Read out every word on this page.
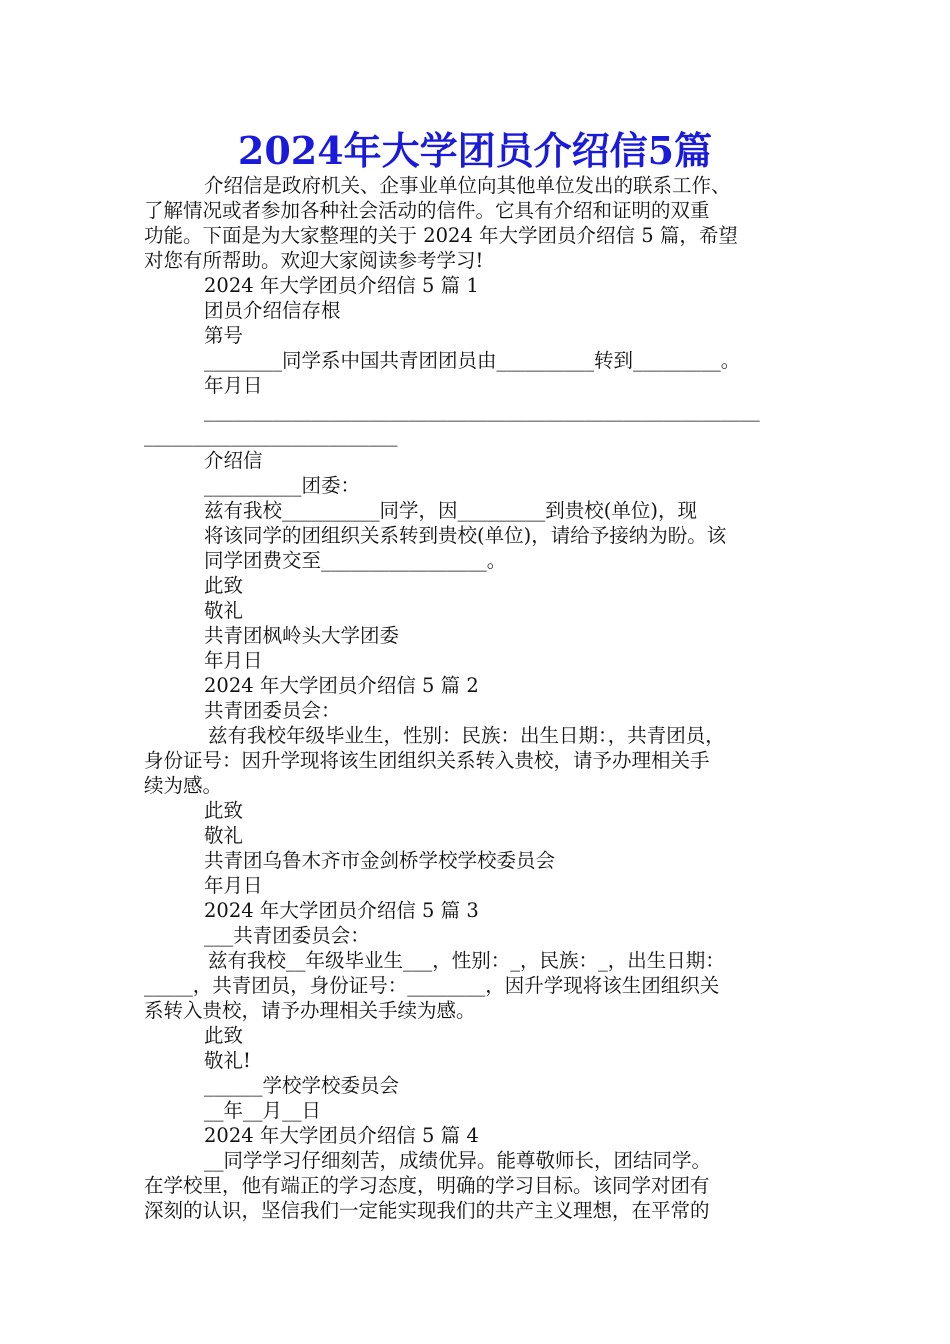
2024年大学团员介绍信5篇
介绍信是政府机关、企事业单位向其他单位发出的联系工作、
了解情况或者参加各种社会活动的信件。它具有介绍和证明的双重
功能。下面是为大家整理的关于 2024 年大学团员介绍信 5 篇，希望
对您有所帮助。欢迎大家阅读参考学习!
2024 年大学团员介绍信 5 篇 1
团员介绍信存根
第号
________同学系中国共青团团员由__________转到_________。
年月日
_________________________________________________________
__________________________
介绍信
__________团委：
兹有我校__________同学，因_________到贵校(单位)，现
将该同学的团组织关系转到贵校(单位)，请给予接纳为盼。该
同学团费交至_________________。
此致
敬礼
共青团枫岭头大学团委
年月日
2024 年大学团员介绍信 5 篇 2
共青团委员会：
兹有我校年级毕业生，性别：民族：出生日期：，共青团员，
身份证号：因升学现将该生团组织关系转入贵校，请予办理相关手
续为感。
此致
敬礼
共青团乌鲁木齐市金剑桥学校学校委员会
年月日
2024 年大学团员介绍信 5 篇 3
___共青团委员会：
兹有我校__年级毕业生___，性别：_，民族：_，出生日期：
_____，共青团员，身份证号：________，因升学现将该生团组织关
系转入贵校，请予办理相关手续为感。
此致
敬礼!
______学校学校委员会
__年__月__日
2024 年大学团员介绍信 5 篇 4
__同学学习仔细刻苦，成绩优异。能尊敬师长，团结同学。
在学校里，他有端正的学习态度，明确的学习目标。该同学对团有
深刻的认识，坚信我们一定能实现我们的共产主义理想，在平常的
